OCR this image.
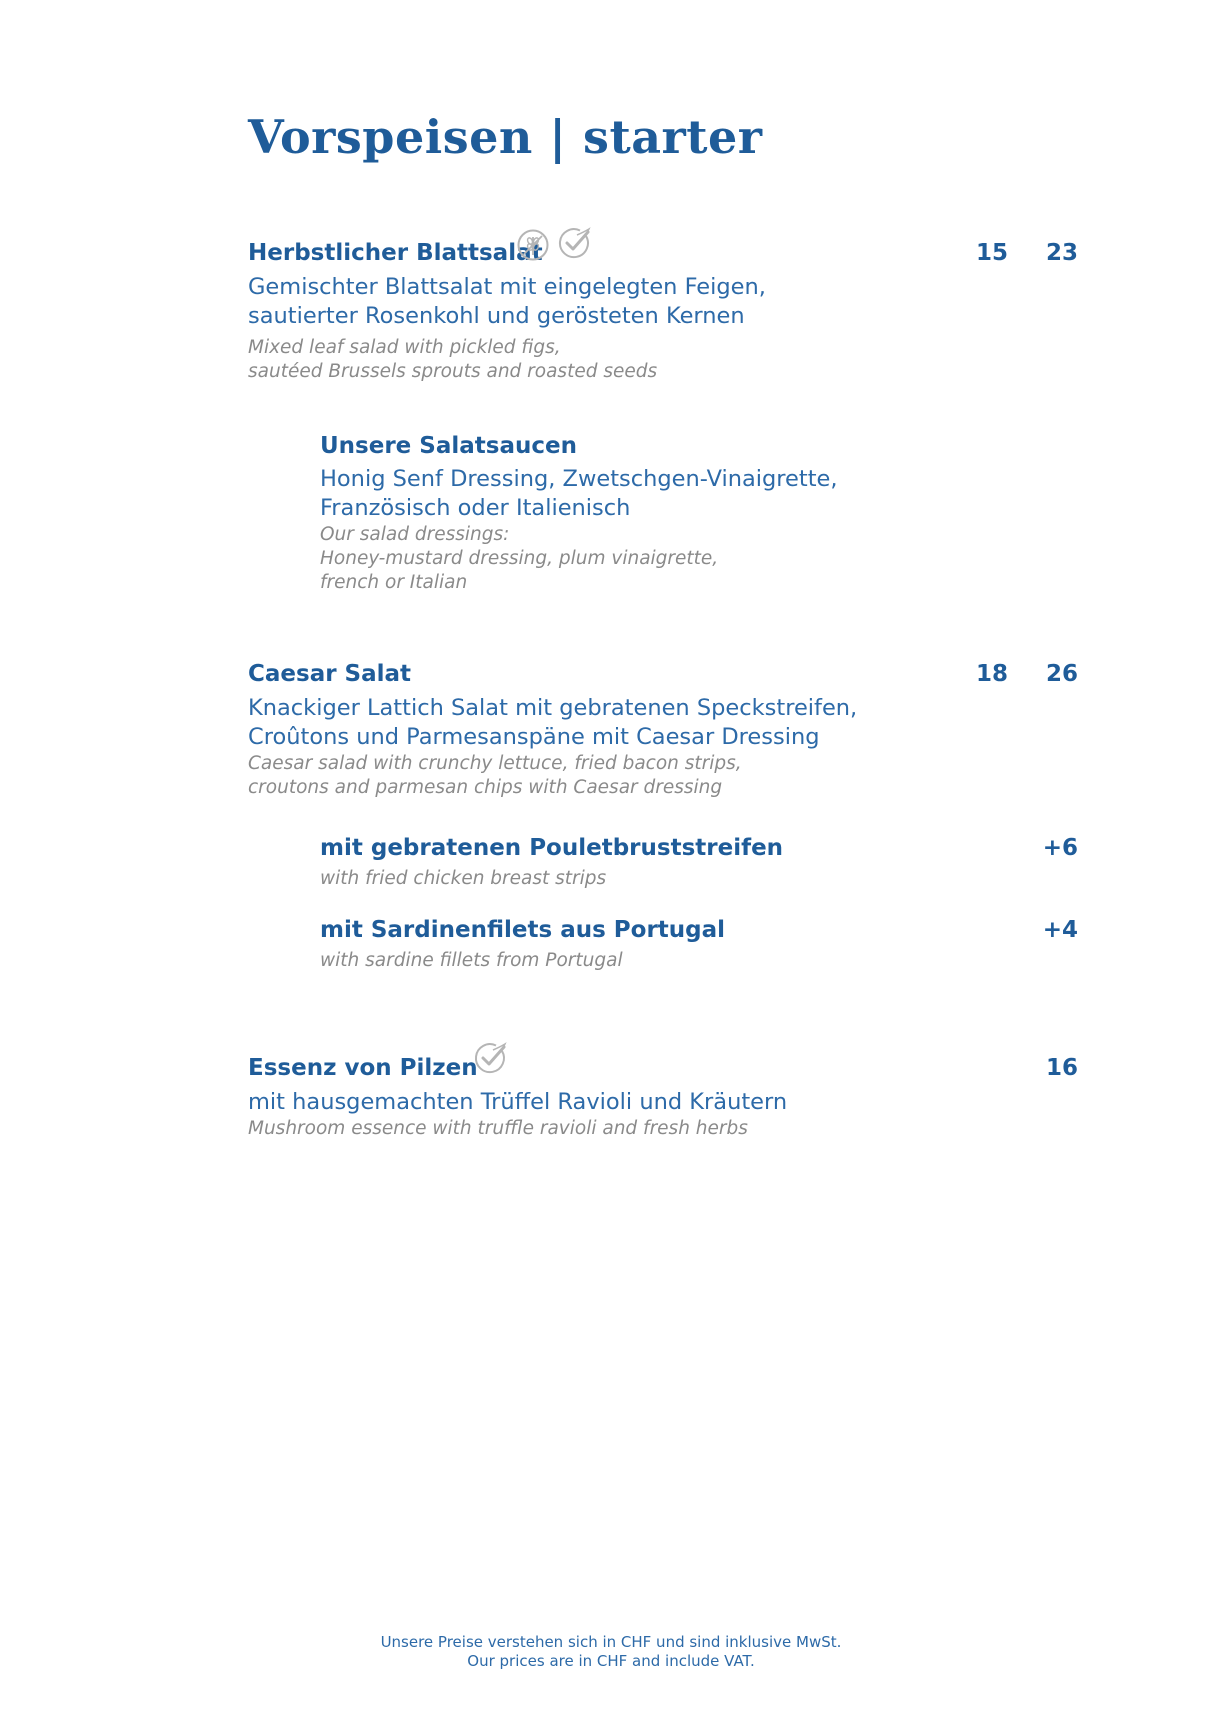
Vorspeisen | starter
Herbstlicher Blattsalat	15	23
Gemischter Blattsalat mit eingelegten Feigen,
sautierter Rosenkohl und gerösteten Kernen
Mixed leaf salad with pickled figs,
sautéed Brussels sprouts and roasted seeds
Unsere Salatsaucen
Honig Senf Dressing, Zwetschgen-Vinaigrette,
Französisch oder Italienisch
Our salad dressings:
Honey-mustard dressing, plum vinaigrette,
french or Italian
Caesar Salat	18	26
Knackiger Lattich Salat mit gebratenen Speckstreifen,
Croûtons und Parmesanspäne mit Caesar Dressing
Caesar salad with crunchy lettuce, fried bacon strips,
croutons and parmesan chips with Caesar dressing
mit gebratenen Pouletbruststreifen	+6
with fried chicken breast strips
mit Sardinenfilets aus Portugal	+4
with sardine fillets from Portugal
Essenz von Pilzen	16
mit hausgemachten Trüffel Ravioli und Kräutern
Mushroom essence with truffle ravioli and fresh herbs
Unsere Preise verstehen sich in CHF und sind inklusive MwSt.
Our prices are in CHF and include VAT.
